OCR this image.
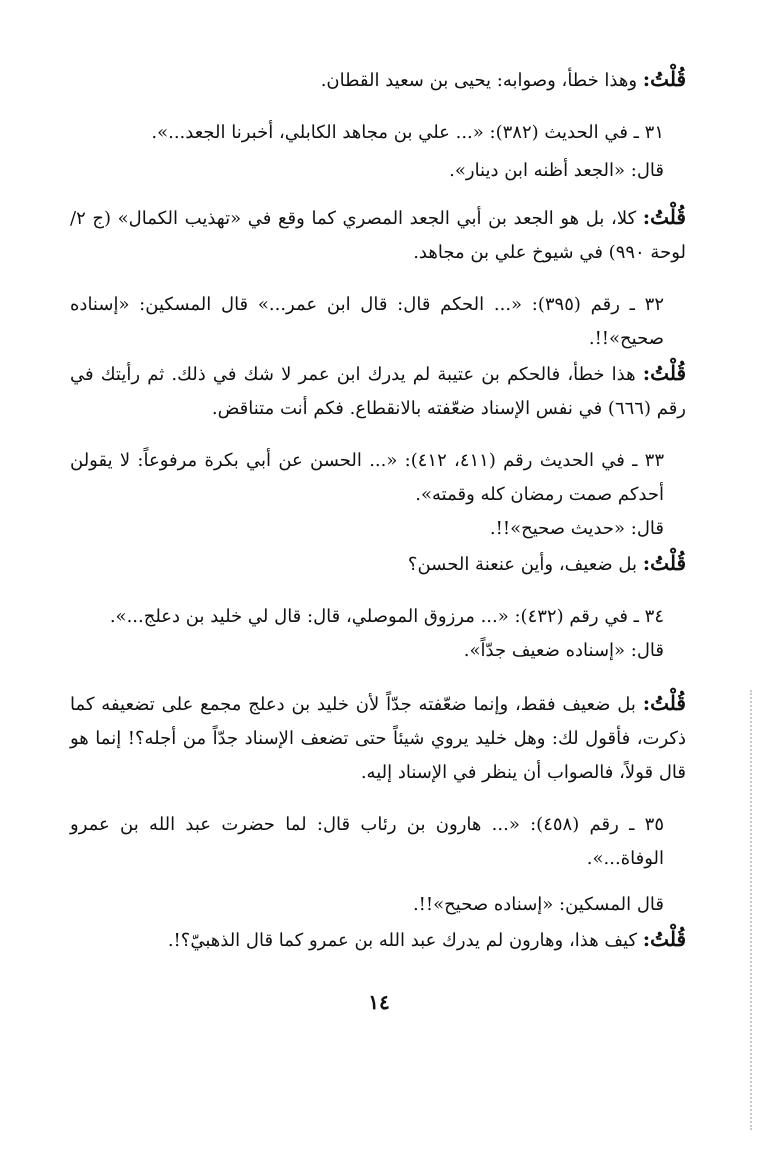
قُلْتُ: وهذا خطأ، وصوابه: يحيى بن سعيد القطان.

٣١ ـ في الحديث (٣٨٢): «... علي بن مجاهد الكابلي، أخبرنا الجعد...».

قال: «الجعد أظنه ابن دينار».

قُلْتُ: كلا، بل هو الجعد بن أبي الجعد المصري كما وقع في «تهذيب الكمال» (ج ٢/لوحة ٩٩٠) في شيوخ علي بن مجاهد.

٣٢ ـ رقم (٣٩٥): «... الحكم قال: قال ابن عمر...» قال المسكين: «إسناده صحيح»!!.

قُلْتُ: هذا خطأ، فالحكم بن عتيبة لم يدرك ابن عمر لا شك في ذلك. ثم رأيتك في رقم (٦٦٦) في نفس الإسناد ضعّفته بالانقطاع. فكم أنت متناقض.

٣٣ ـ في الحديث رقم (٤١١، ٤١٢): «... الحسن عن أبي بكرة مرفوعاً: لا يقولن أحدكم صمت رمضان كله وقمته».

قال: «حديث صحيح»!!.

قُلْتُ: بل ضعيف، وأين عنعنة الحسن؟

٣٤ ـ في رقم (٤٣٢): «... مرزوق الموصلي، قال: قال لي خليد بن دعلج...».

قال: «إسناده ضعيف جدّاً».

قُلْتُ: بل ضعيف فقط، وإنما ضعّفته جدّاً لأن خليد بن دعلج مجمع على تضعيفه كما ذكرت، فأقول لك: وهل خليد يروي شيئاً حتى تضعف الإسناد جدّاً من أجله؟! إنما هو قال قولاً، فالصواب أن ينظر في الإسناد إليه.

٣٥ ـ رقم (٤٥٨): «... هارون بن رئاب قال: لما حضرت عبد الله بن عمرو الوفاة...».

قال المسكين: «إسناده صحيح»!!.

قُلْتُ: كيف هذا، وهارون لم يدرك عبد الله بن عمرو كما قال الذهبيّ؟!.

١٤
